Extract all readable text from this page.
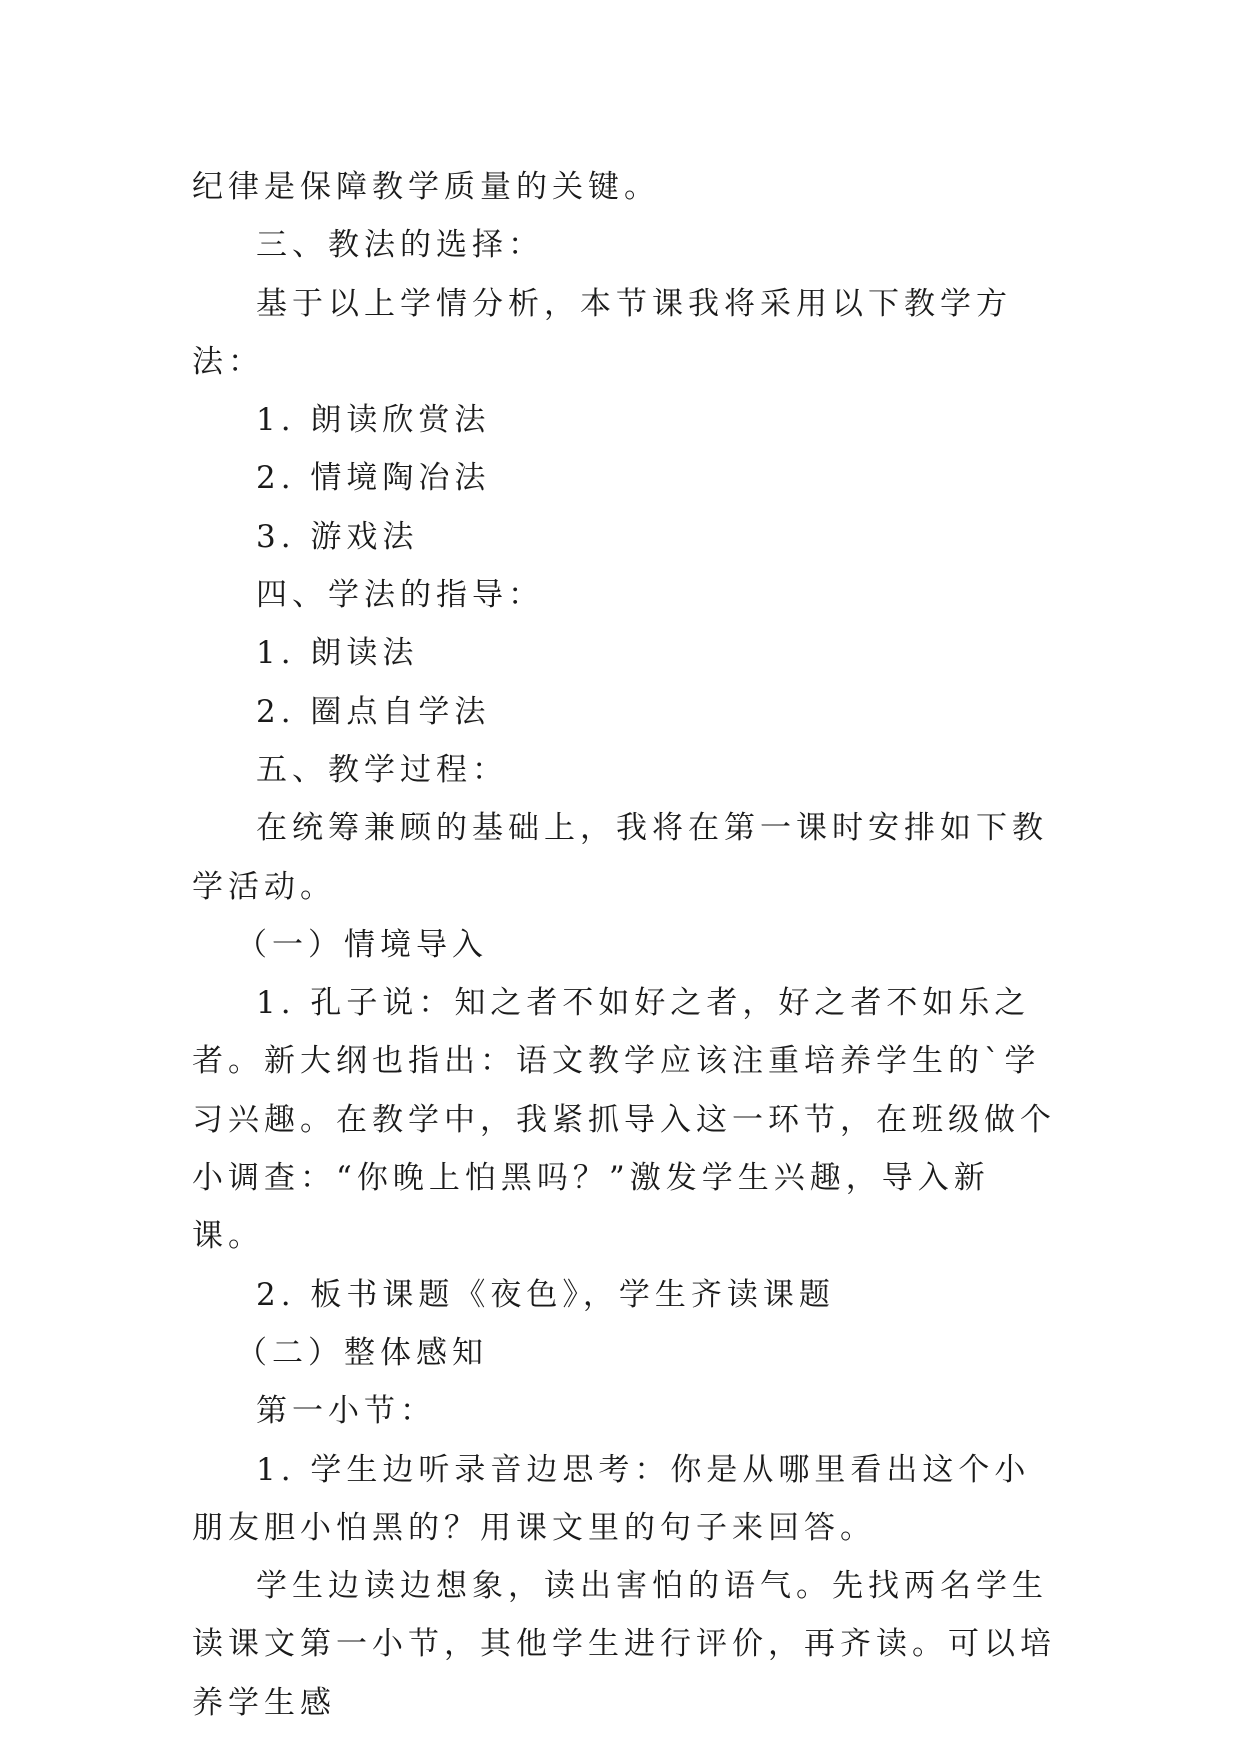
纪律是保障教学质量的关键。

三、教法的选择：

基于以上学情分析，本节课我将采用以下教学方法：

1. 朗读欣赏法

2. 情境陶冶法

3. 游戏法

四、学法的指导：

1. 朗读法

2. 圈点自学法

五、教学过程：

在统筹兼顾的基础上，我将在第一课时安排如下教学活动。

（一）情境导入

1. 孔子说：知之者不如好之者，好之者不如乐之者。新大纲也指出：语文教学应该注重培养学生的`学习兴趣。在教学中，我紧抓导入这一环节，在班级做个小调查：“你晚上怕黑吗？”激发学生兴趣，导入新课。

2. 板书课题《夜色》，学生齐读课题

（二）整体感知

第一小节：

1. 学生边听录音边思考：你是从哪里看出这个小朋友胆小怕黑的？用课文里的句子来回答。

学生边读边想象，读出害怕的语气。先找两名学生读课文第一小节，其他学生进行评价，再齐读。可以培养学生感
